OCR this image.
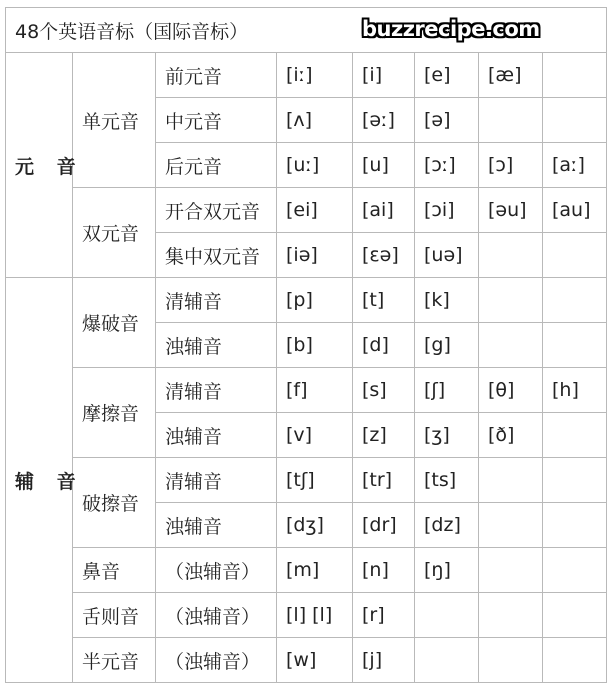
buzzrecipe.com
48个英语音标（国际音标）							
元 音	单元音	前元音	[iː]	[i]	[e]	[æ]	
		中元音	[ʌ]	[əː]	[ə]		
		后元音	[uː]	[u]	[ɔː]	[ɔ]	[aː]
	双元音	开合双元音	[ei]	[ai]	[ɔi]	[əu]	[au]
		集中双元音	[iə]	[εə]	[uə]		
辅 音	爆破音	清辅音	[p]	[t]	[k]		
		浊辅音	[b]	[d]	[g]		
	摩擦音	清辅音	[f]	[s]	[ʃ]	[θ]	[h]
		浊辅音	[v]	[z]	[ʒ]	[ð]	
	破擦音	清辅音	[tʃ]	[tr]	[ts]		
		浊辅音	[dʒ]	[dr]	[dz]		
	鼻音	（浊辅音）	[m]	[n]	[ŋ]		
	舌则音	（浊辅音）	[l] [l]	[r]			
	半元音	（浊辅音）	[w]	[j]			
